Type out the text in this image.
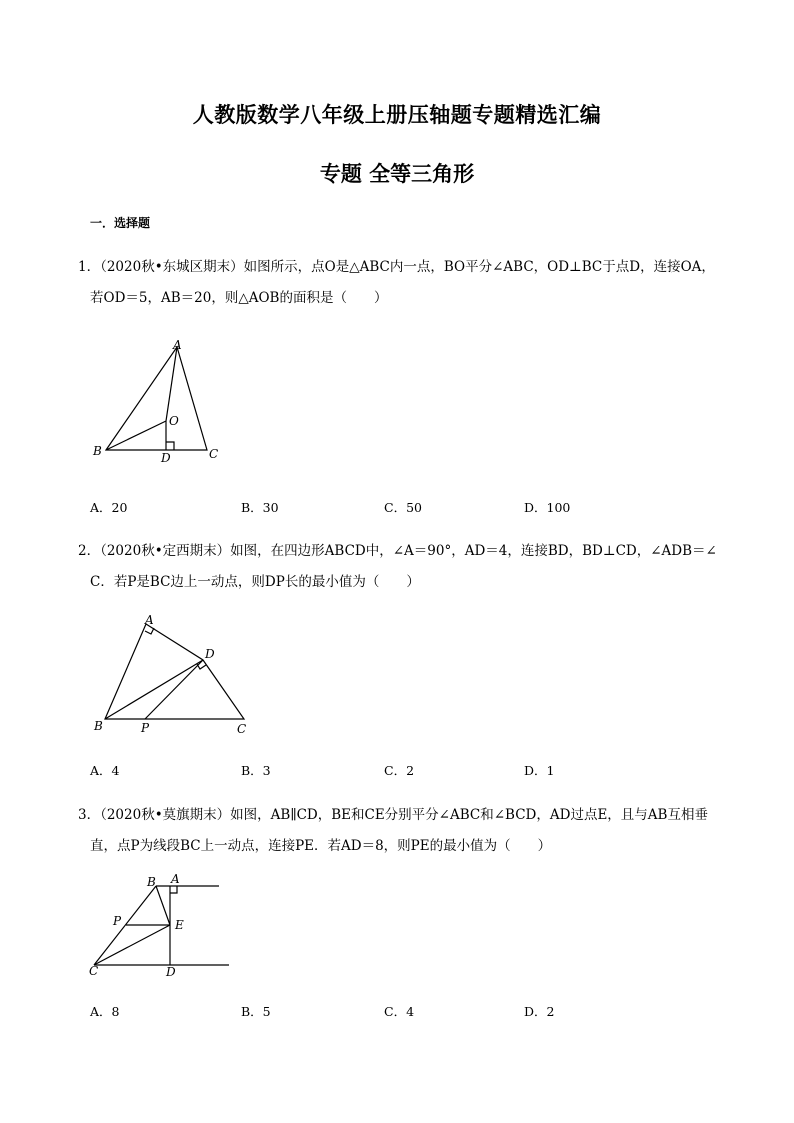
人教版数学八年级上册压轴题专题精选汇编
专题 全等三角形
一．选择题
1．（2020秋•东城区期末）如图所示，点O是△ABC内一点，BO平分∠ABC，OD⊥BC于点D，连接OA，
若OD＝5，AB＝20，则△AOB的面积是（　　）
A
B	C
D
O
A．20	B．30	C．50	D．100
2．（2020秋•定西期末）如图，在四边形ABCD中，∠A＝90°，AD＝4，连接BD，BD⊥CD，∠ADB＝∠
C．若P是BC边上一动点，则DP长的最小值为（　　）
A
B	C
D
P
A．4	B．3	C．2	D．1
3．（2020秋•莫旗期末）如图，AB∥CD，BE和CE分别平分∠ABC和∠BCD，AD过点E，且与AB互相垂
直，点P为线段BC上一动点，连接PE．若AD＝8，则PE的最小值为（　　）
A
B
C	D
E
P
A．8	B．5	C．4	D．2
